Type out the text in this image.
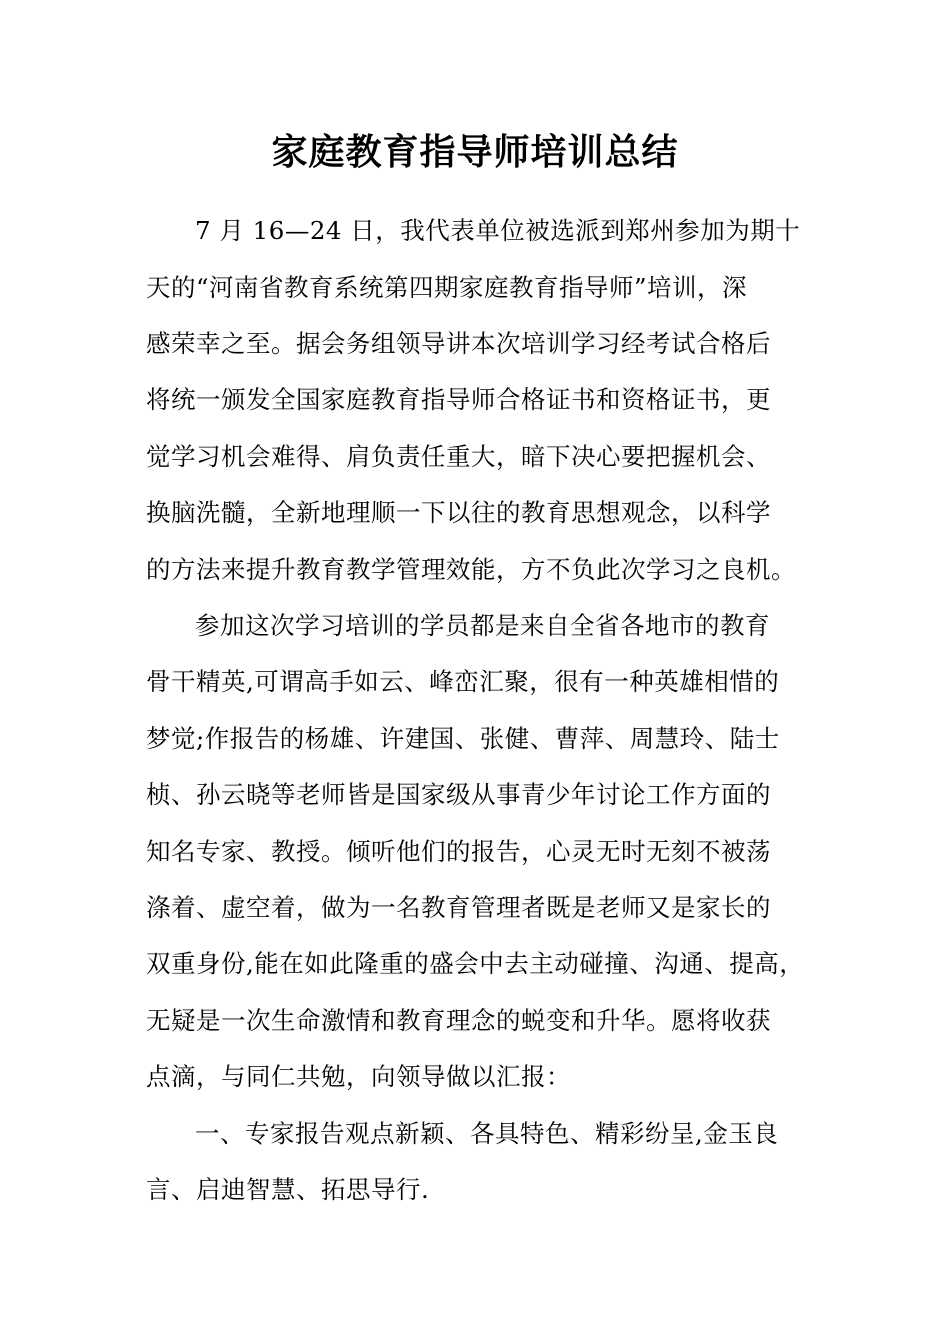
家庭教育指导师培训总结
7 月 16—24 日，我代表单位被选派到郑州参加为期十
天的“河南省教育系统第四期家庭教育指导师”培训，深
感荣幸之至。据会务组领导讲本次培训学习经考试合格后
将统一颁发全国家庭教育指导师合格证书和资格证书，更
觉学习机会难得、肩负责任重大，暗下决心要把握机会、
换脑洗髓，全新地理顺一下以往的教育思想观念，以科学
的方法来提升教育教学管理效能，方不负此次学习之良机。
参加这次学习培训的学员都是来自全省各地市的教育
骨干精英,可谓高手如云、峰峦汇聚，很有一种英雄相惜的
梦觉;作报告的杨雄、许建国、张健、曹萍、周慧玲、陆士
桢、孙云晓等老师皆是国家级从事青少年讨论工作方面的
知名专家、教授。倾听他们的报告，心灵无时无刻不被荡
涤着、虚空着，做为一名教育管理者既是老师又是家长的
双重身份,能在如此隆重的盛会中去主动碰撞、沟通、提高，
无疑是一次生命激情和教育理念的蜕变和升华。愿将收获
点滴，与同仁共勉，向领导做以汇报：
一、专家报告观点新颖、各具特色、精彩纷呈,金玉良
言、启迪智慧、拓思导行.
